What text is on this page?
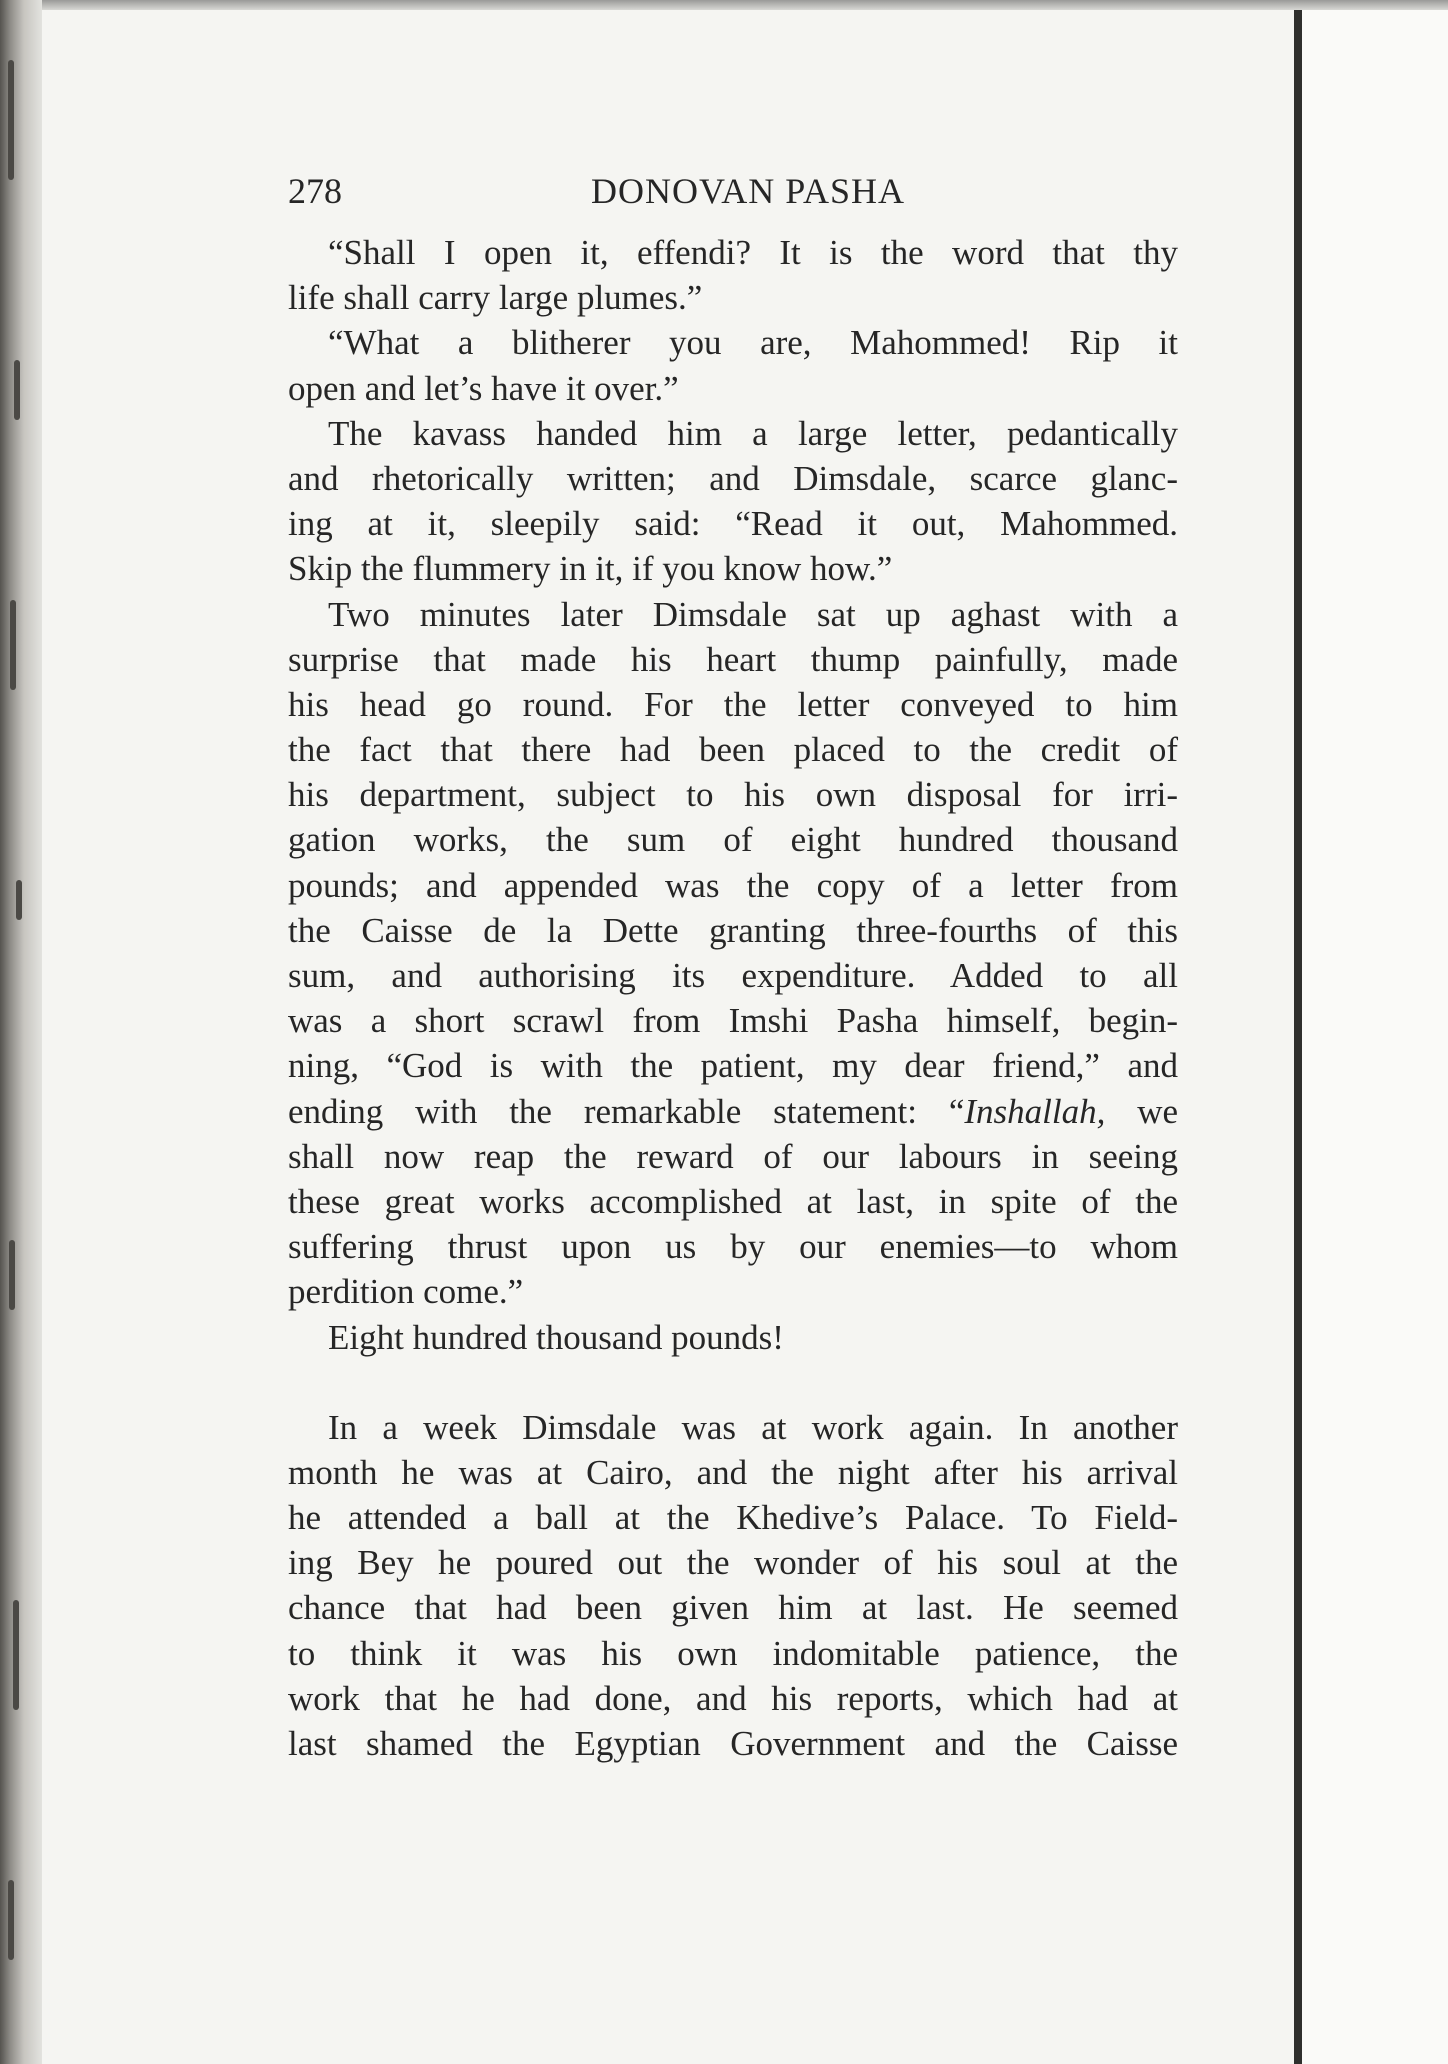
278	DONOVAN PASHA
“Shall I open it, effendi? It is the word that thy
life shall carry large plumes.”
“What a blitherer you are, Mahommed! Rip it
open and let’s have it over.”
The kavass handed him a large letter, pedantically
and rhetorically written; and Dimsdale, scarce glanc-
ing at it, sleepily said: “Read it out, Mahommed.
Skip the flummery in it, if you know how.”
Two minutes later Dimsdale sat up aghast with a
surprise that made his heart thump painfully, made
his head go round. For the letter conveyed to him
the fact that there had been placed to the credit of
his department, subject to his own disposal for irri-
gation works, the sum of eight hundred thousand
pounds; and appended was the copy of a letter from
the Caisse de la Dette granting three-fourths of this
sum, and authorising its expenditure. Added to all
was a short scrawl from Imshi Pasha himself, begin-
ning, “God is with the patient, my dear friend,” and
ending with the remarkable statement: “Inshallah, we
shall now reap the reward of our labours in seeing
these great works accomplished at last, in spite of the
suffering thrust upon us by our enemies—to whom
perdition come.”
Eight hundred thousand pounds!
In a week Dimsdale was at work again. In another
month he was at Cairo, and the night after his arrival
he attended a ball at the Khedive’s Palace. To Field-
ing Bey he poured out the wonder of his soul at the
chance that had been given him at last. He seemed
to think it was his own indomitable patience, the
work that he had done, and his reports, which had at
last shamed the Egyptian Government and the Caisse
